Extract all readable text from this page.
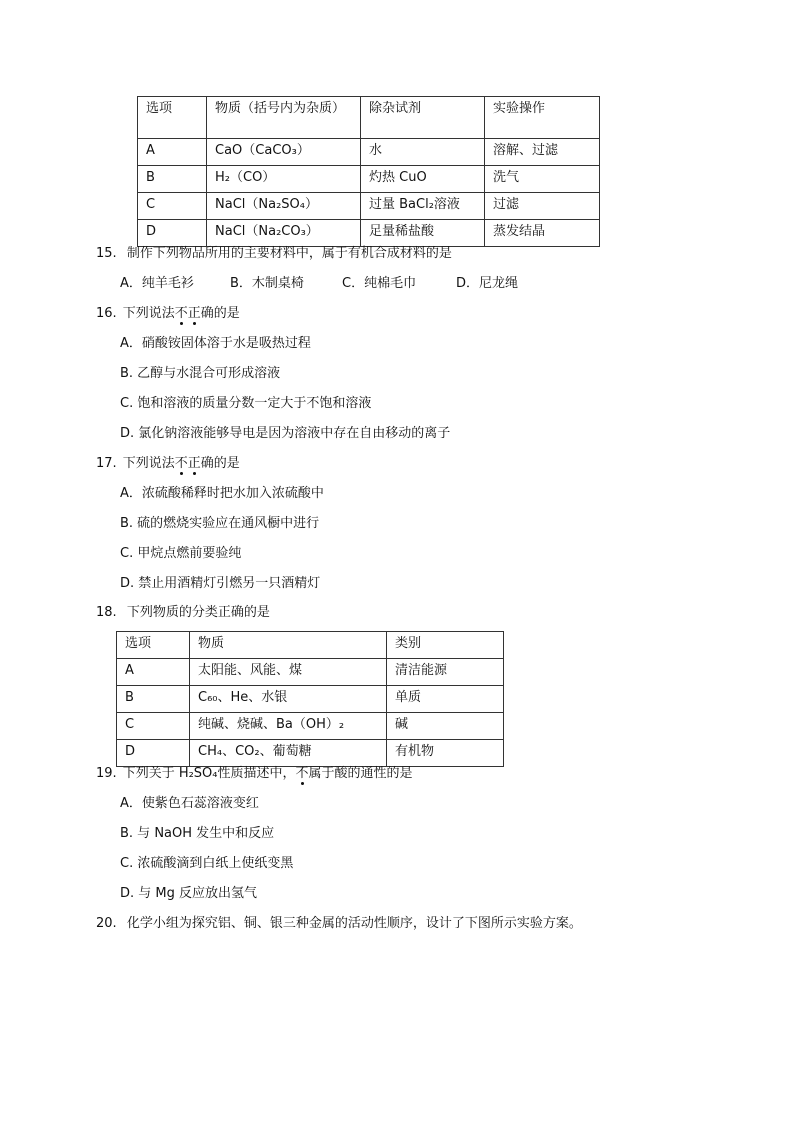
选项	物质（括号内为杂质）	除杂试剂	实验操作
A	CaO（CaCO₃）	水	溶解、过滤
B	H₂（CO）	灼热 CuO	洗气
C	NaCl（Na₂SO₄）	过量 BaCl₂溶液	过滤
D	NaCl（Na₂CO₃）	足量稀盐酸	蒸发结晶
15. 制作下列物品所用的主要材料中，属于有机合成材料的是
A．纯羊毛衫	B．木制桌椅	C．纯棉毛巾	D．尼龙绳
16. 下列说法不正确的是
A．硝酸铵固体溶于水是吸热过程
B. 乙醇与水混合可形成溶液
C. 饱和溶液的质量分数一定大于不饱和溶液
D. 氯化钠溶液能够导电是因为溶液中存在自由移动的离子
17. 下列说法不正确的是
A．浓硫酸稀释时把水加入浓硫酸中
B. 硫的燃烧实验应在通风橱中进行
C. 甲烷点燃前要验纯
D. 禁止用酒精灯引燃另一只酒精灯
18. 下列物质的分类正确的是
选项	物质	类别
A	太阳能、风能、煤	清洁能源
B	C₆₀、He、水银	单质
C	纯碱、烧碱、Ba（OH）₂	碱
D	CH₄、CO₂、葡萄糖	有机物
19. 下列关于 H₂SO₄性质描述中，不属于酸的通性的是
A．使紫色石蕊溶液变红
B. 与 NaOH 发生中和反应
C. 浓硫酸滴到白纸上使纸变黑
D. 与 Mg 反应放出氢气
20. 化学小组为探究铝、铜、银三种金属的活动性顺序，设计了下图所示实验方案。
